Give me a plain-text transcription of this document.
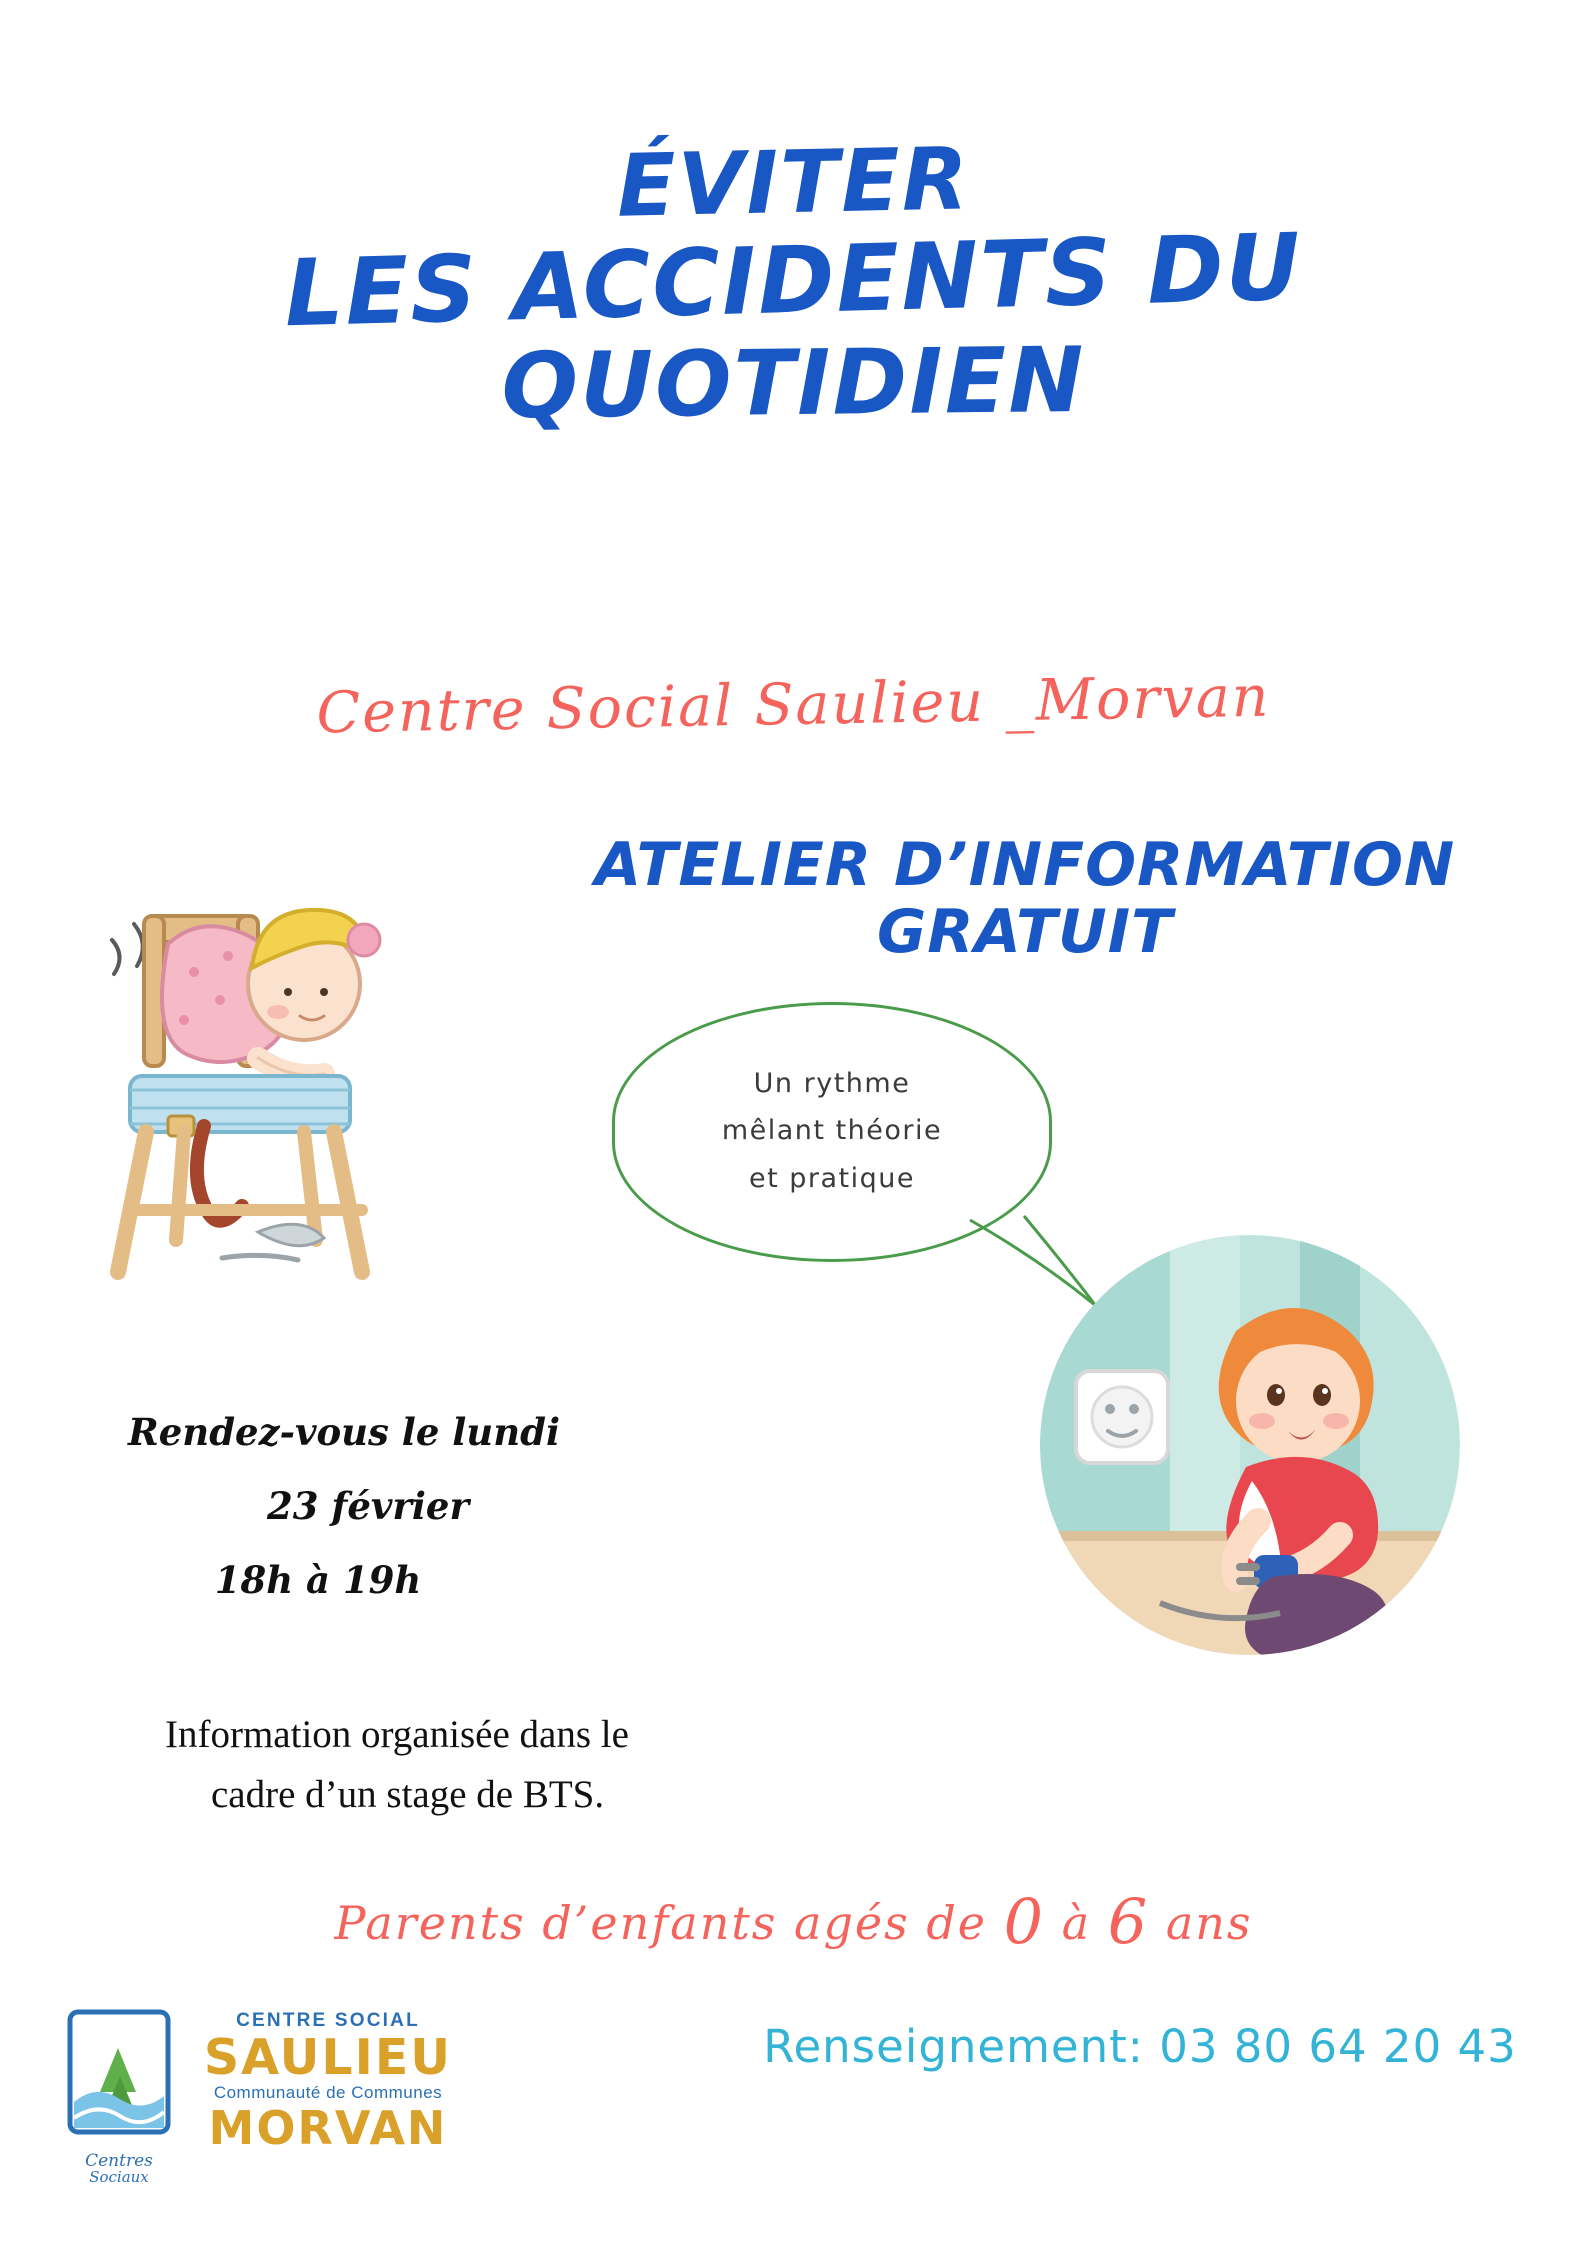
ÉVITER
LES ACCIDENTS DU
QUOTIDIEN
Centre Social Saulieu _Morvan
ATELIER D’INFORMATION
GRATUIT
Un rythme
mêlant théorie
et pratique
Rendez-vous le lundi
23 février
18h à 19h
Information organisée dans le
cadre d’un stage de BTS.
Parents d’enfants agés de 0 à 6 ans
Renseignement: 03 80 64 20 43
Centres
Sociaux
CENTRE SOCIAL
SAULIEU
Communauté de Communes
MORVAN
